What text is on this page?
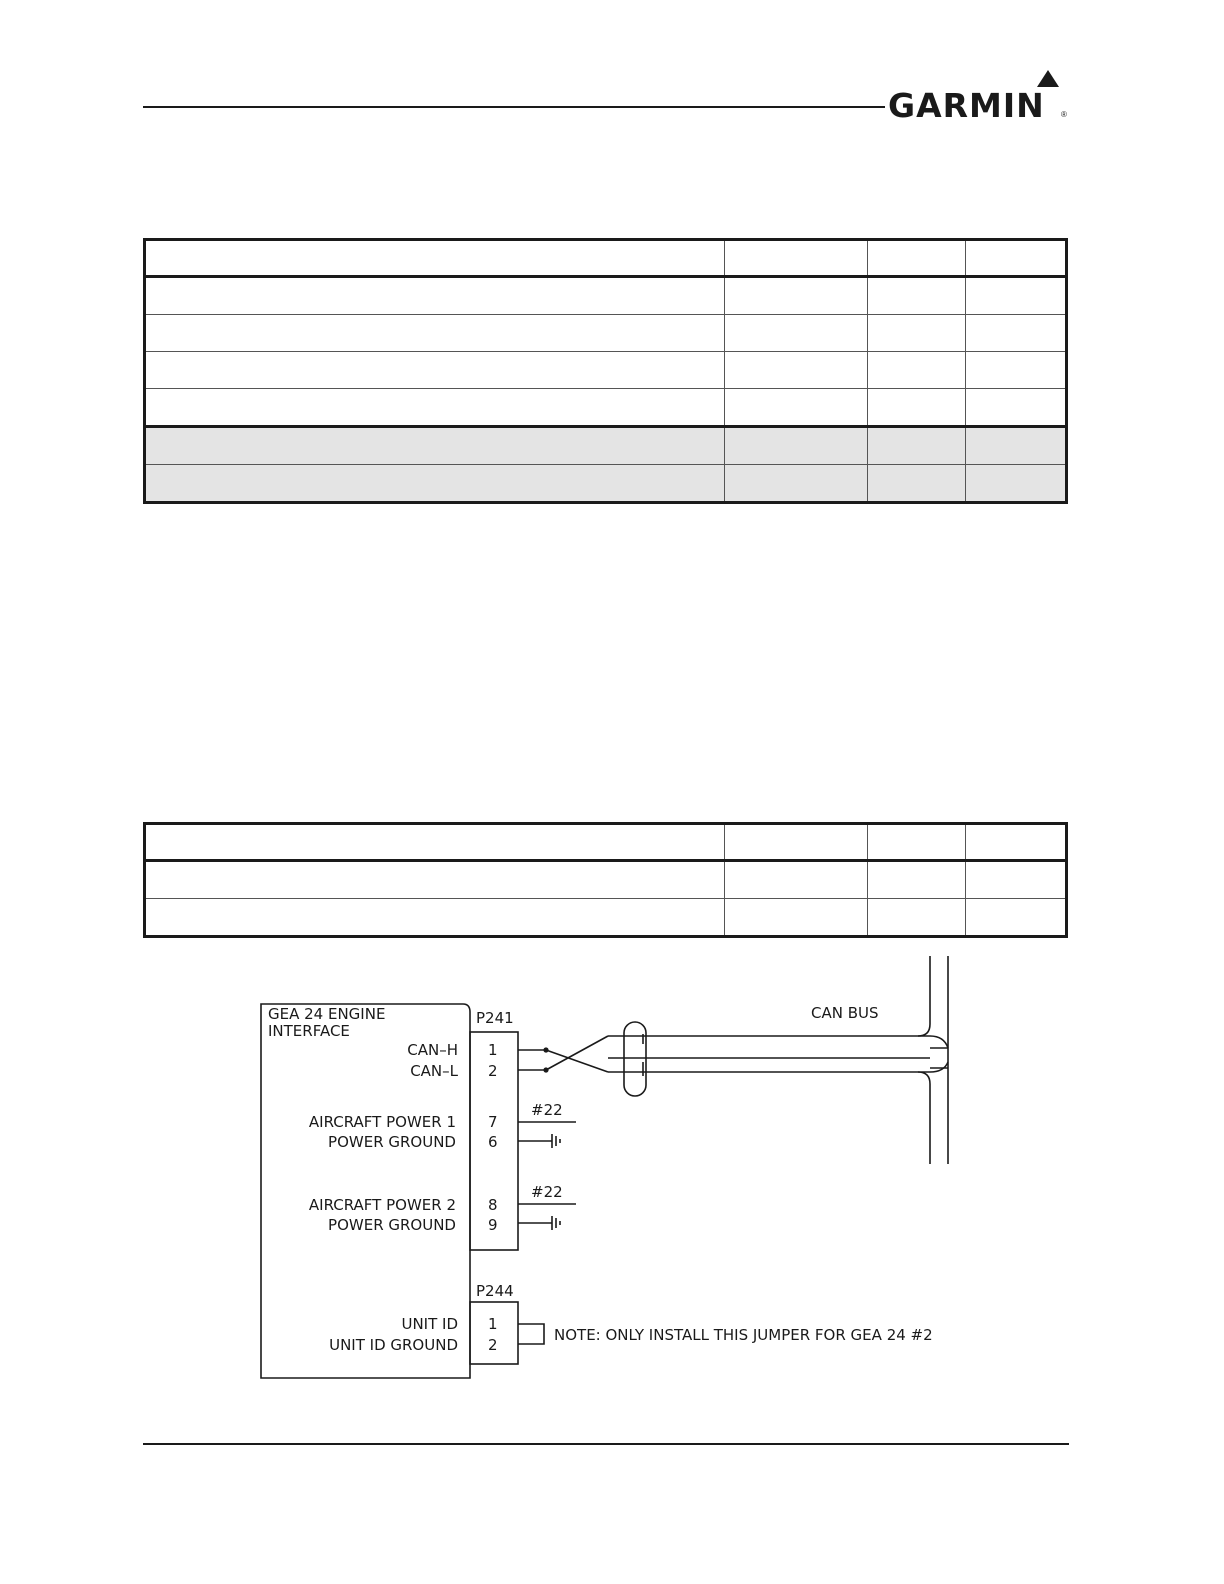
GARMIN ®

GEA 24 ENGINE
INTERFACE
P241
P244
CAN BUS
CAN–H 1
CAN–L 2
AIRCRAFT POWER 1 7
POWER GROUND 6
#22
AIRCRAFT POWER 2 8
POWER GROUND 9
#22
UNIT ID 1
UNIT ID GROUND 2
NOTE: ONLY INSTALL THIS JUMPER FOR GEA 24 #2
